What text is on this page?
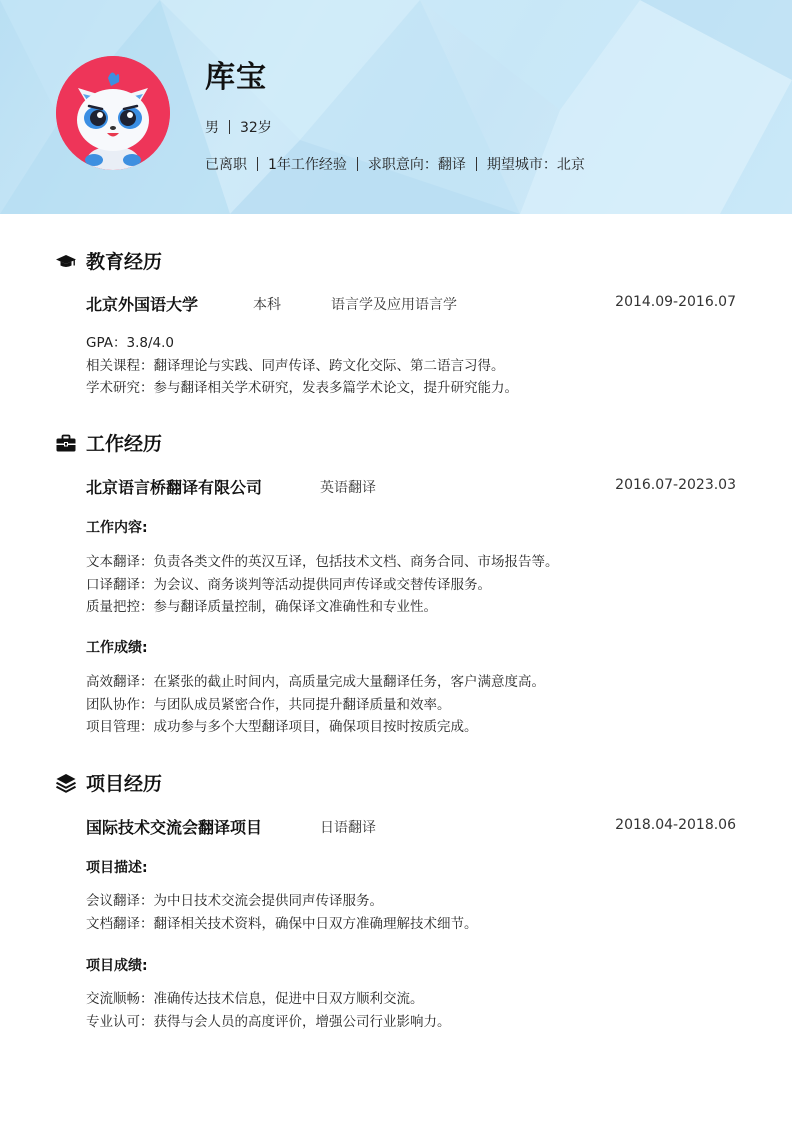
库宝
男 32岁
已离职 1年工作经验 求职意向：翻译 期望城市：北京
教育经历
北京外国语大学	本科	语言学及应用语言学	2014.09-2016.07
GPA：3.8/4.0
相关课程：翻译理论与实践、同声传译、跨文化交际、第二语言习得。
学术研究：参与翻译相关学术研究，发表多篇学术论文，提升研究能力。
工作经历
北京语言桥翻译有限公司	英语翻译	2016.07-2023.03
工作内容:
文本翻译：负责各类文件的英汉互译，包括技术文档、商务合同、市场报告等。
口译翻译：为会议、商务谈判等活动提供同声传译或交替传译服务。
质量把控：参与翻译质量控制，确保译文准确性和专业性。
工作成绩:
高效翻译：在紧张的截止时间内，高质量完成大量翻译任务，客户满意度高。
团队协作：与团队成员紧密合作，共同提升翻译质量和效率。
项目管理：成功参与多个大型翻译项目，确保项目按时按质完成。
项目经历
国际技术交流会翻译项目	日语翻译	2018.04-2018.06
项目描述:
会议翻译：为中日技术交流会提供同声传译服务。
文档翻译：翻译相关技术资料，确保中日双方准确理解技术细节。
项目成绩:
交流顺畅：准确传达技术信息，促进中日双方顺利交流。
专业认可：获得与会人员的高度评价，增强公司行业影响力。
